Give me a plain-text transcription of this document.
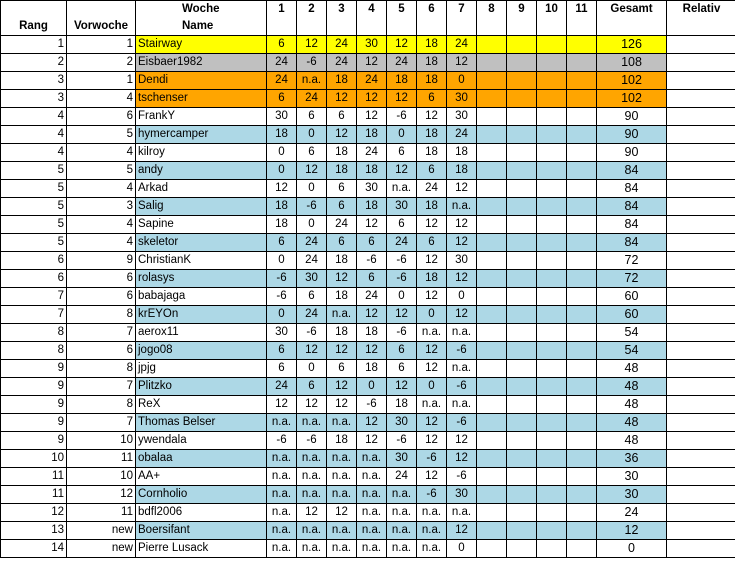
		Woche	1	2	3	4	5	6	7	8	9	10	11	Gesamt	Relativ
Rang	Vorwoche	Name													
1	1	Stairway	6	12	24	30	12	18	24					126	
2	2	Eisbaer1982	24	-6	24	12	24	18	12					108	
3	1	Dendi	24	n.a.	18	24	18	18	0					102	
3	4	tschenser	6	24	12	12	12	6	30					102	
4	6	FrankY	30	6	6	12	-6	12	30					90	
4	5	hymercamper	18	0	12	18	0	18	24					90	
4	4	kilroy	0	6	18	24	6	18	18					90	
5	5	andy	0	12	18	18	12	6	18					84	
5	4	Arkad	12	0	6	30	n.a.	24	12					84	
5	3	Salig	18	-6	6	18	30	18	n.a.					84	
5	4	Sapine	18	0	24	12	6	12	12					84	
5	4	skeletor	6	24	6	6	24	6	12					84	
6	9	ChristianK	0	24	18	-6	-6	12	30					72	
6	6	rolasys	-6	30	12	6	-6	18	12					72	
7	6	babajaga	-6	6	18	24	0	12	0					60	
7	8	krEYOn	0	24	n.a.	12	12	0	12					60	
8	7	aerox11	30	-6	18	18	-6	n.a.	n.a.					54	
8	6	jogo08	6	12	12	12	6	12	-6					54	
9	8	jpjg	6	0	6	18	6	12	n.a.					48	
9	7	Plitzko	24	6	12	0	12	0	-6					48	
9	8	ReX	12	12	12	-6	18	n.a.	n.a.					48	
9	7	Thomas Belser	n.a.	n.a.	n.a.	12	30	12	-6					48	
9	10	ywendala	-6	-6	18	12	-6	12	12					48	
10	11	obalaa	n.a.	n.a.	n.a.	n.a.	30	-6	12					36	
11	10	AA+	n.a.	n.a.	n.a.	n.a.	24	12	-6					30	
11	12	Cornholio	n.a.	n.a.	n.a.	n.a.	n.a.	-6	30					30	
12	11	bdfl2006	n.a.	12	12	n.a.	n.a.	n.a.	n.a.					24	
13	new	Boersifant	n.a.	n.a.	n.a.	n.a.	n.a.	n.a.	12					12	
14	new	Pierre Lusack	n.a.	n.a.	n.a.	n.a.	n.a.	n.a.	0					0	
